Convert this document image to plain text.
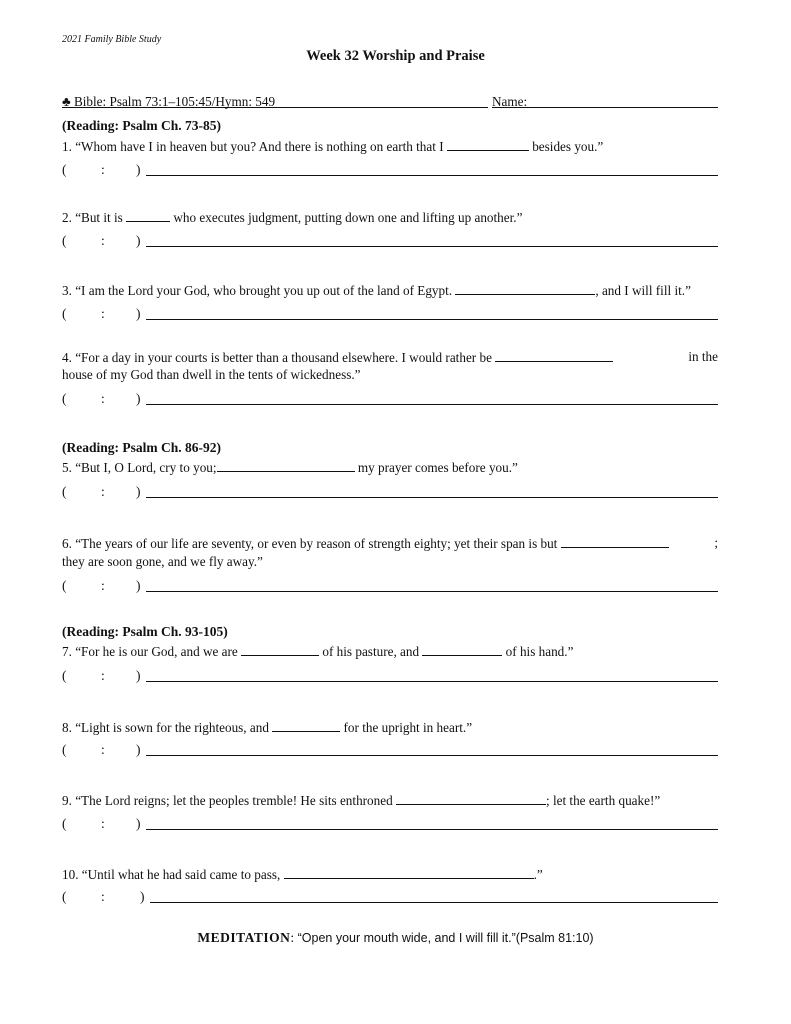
2021 Family Bible Study
Week 32 Worship and Praise
♣ Bible: Psalm 73:1–105:45/Hymn: 549	Name:
(Reading: Psalm Ch. 73-85)
1. “Whom have I in heaven but you? And there is nothing on earth that I	besides you.”
(	: )
2. “But it is	who executes judgment, putting down one and lifting up another.”
(	: )
3. “I am the Lord your God, who brought you up out of the land of Egypt.	, and I will fill it.”
(	: )
4. “For a day in your courts is better than a thousand elsewhere. I would rather be	in the
house of my God than dwell in the tents of wickedness.”
(	: )
(Reading: Psalm Ch. 86-92)
5. “But I, O Lord, cry to you;	my prayer comes before you.”
(	: )
6. “The years of our life are seventy, or even by reason of strength eighty; yet their span is but	;
they are soon gone, and we fly away.”
(	: )
(Reading: Psalm Ch. 93-105)
7. “For he is our God, and we are	of his pasture, and	of his hand.”
(	: )
8. “Light is sown for the righteous, and	for the upright in heart.”
(	: )
9. “The Lord reigns; let the peoples tremble! He sits enthroned	; let the earth quake!”
(	: )
10. “Until what he had said came to pass,	.”
(	:	)
MEDITATION: “Open your mouth wide, and I will fill it.”(Psalm 81:10)
